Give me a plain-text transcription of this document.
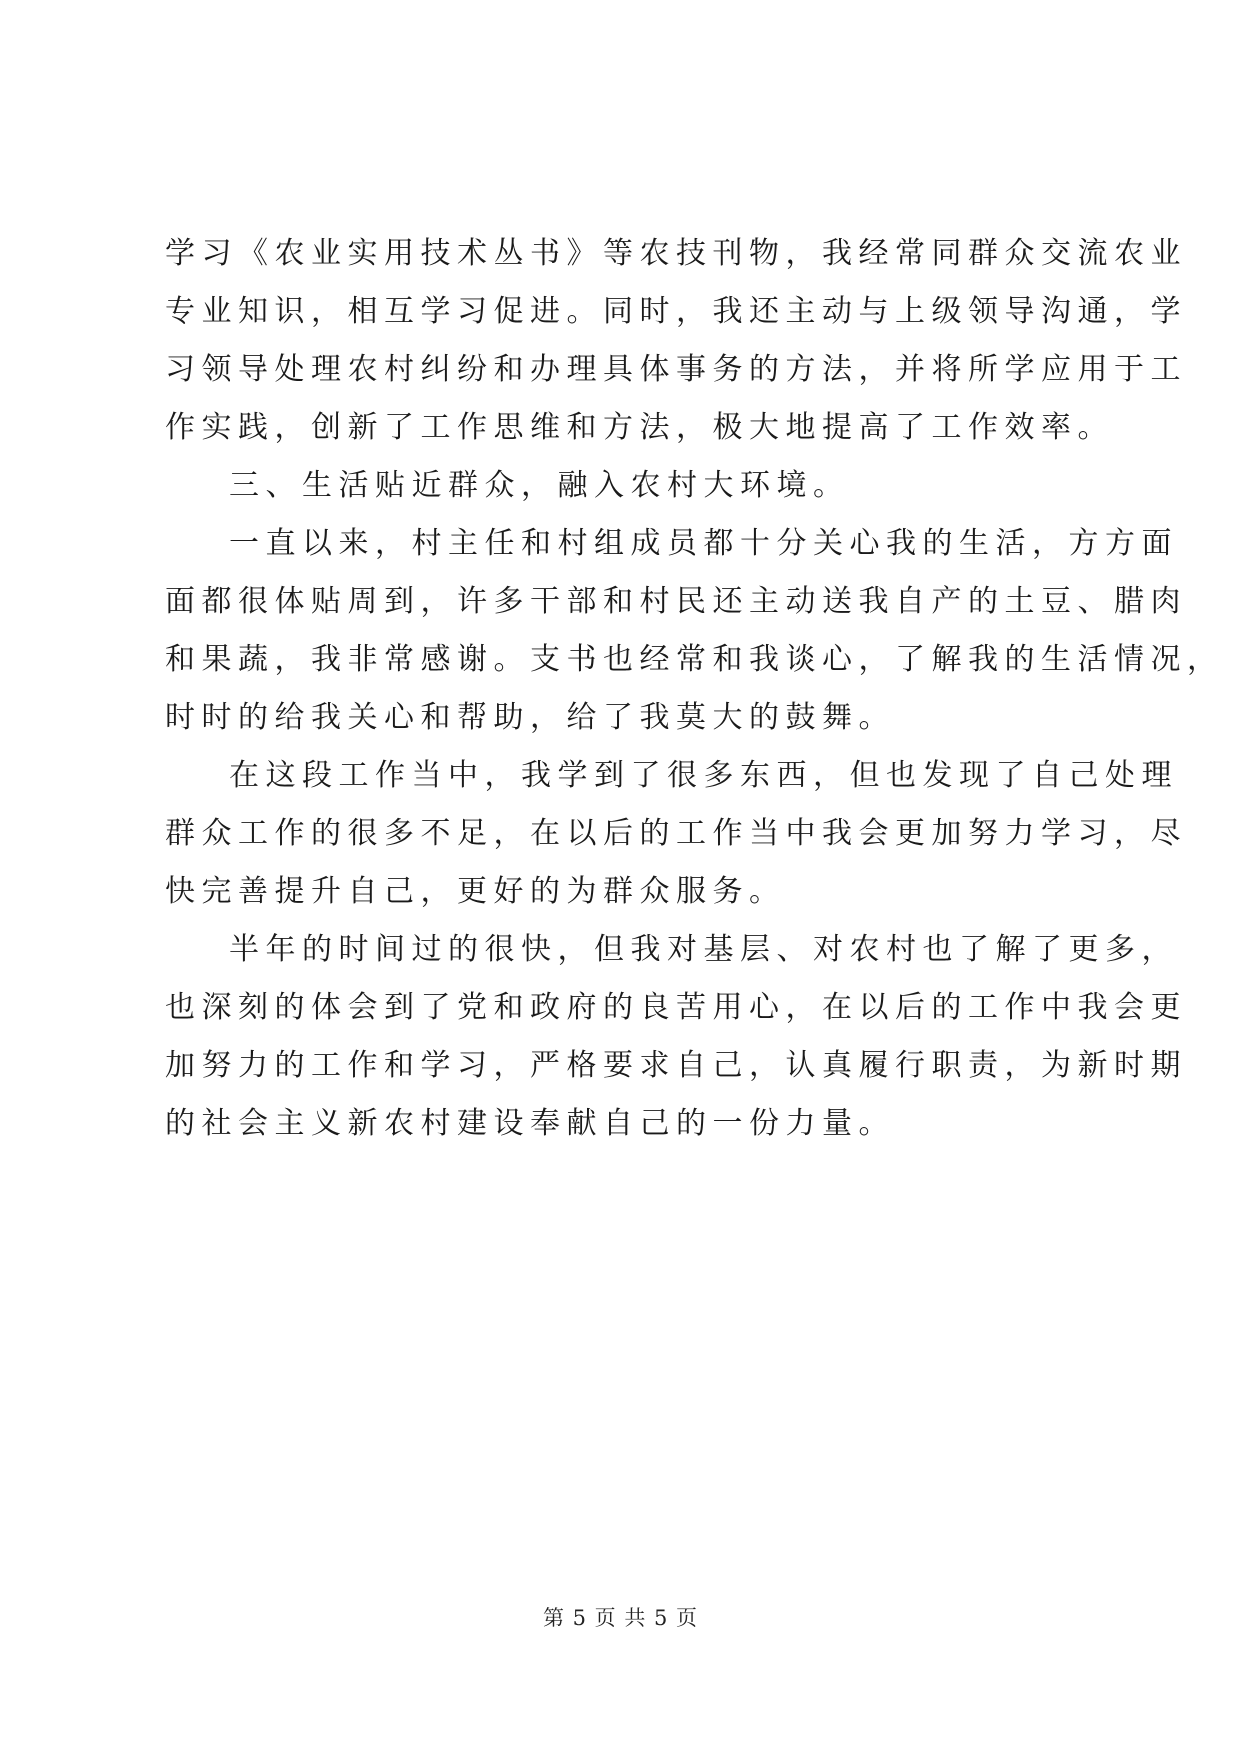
学习《农业实用技术丛书》等农技刊物，我经常同群众交流农业
专业知识，相互学习促进。同时，我还主动与上级领导沟通，学
习领导处理农村纠纷和办理具体事务的方法，并将所学应用于工
作实践，创新了工作思维和方法，极大地提高了工作效率。
三、生活贴近群众，融入农村大环境。
一直以来，村主任和村组成员都十分关心我的生活，方方面
面都很体贴周到，许多干部和村民还主动送我自产的土豆、腊肉
和果蔬，我非常感谢。支书也经常和我谈心，了解我的生活情况，
时时的给我关心和帮助，给了我莫大的鼓舞。
在这段工作当中，我学到了很多东西，但也发现了自己处理
群众工作的很多不足，在以后的工作当中我会更加努力学习，尽
快完善提升自己，更好的为群众服务。
半年的时间过的很快，但我对基层、对农村也了解了更多，
也深刻的体会到了党和政府的良苦用心，在以后的工作中我会更
加努力的工作和学习，严格要求自己，认真履行职责，为新时期
的社会主义新农村建设奉献自己的一份力量。
第 5 页 共 5 页
